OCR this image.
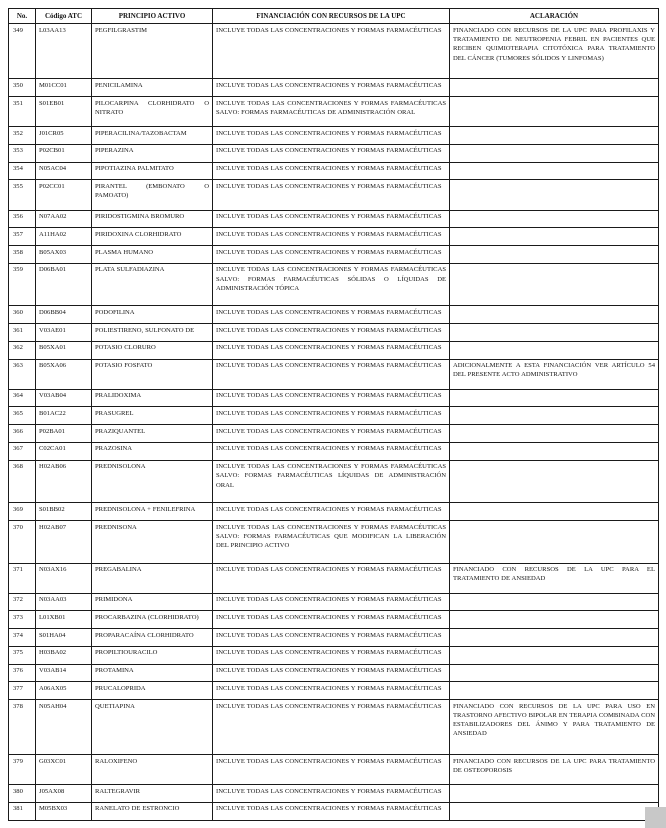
No.	Código ATC	PRINCIPIO ACTIVO	FINANCIACIÓN CON RECURSOS DE LA UPC	ACLARACIÓN
349	L03AA13	PEGFILGRASTIM	INCLUYE TODAS LAS CONCENTRACIONES Y FORMAS FARMACÉUTICAS	FINANCIADO CON RECURSOS DE LA UPC PARA PROFILAXIS Y TRATAMIENTO DE NEUTROPENIA FEBRIL EN PACIENTES QUE RECIBEN QUIMIOTERAPIA CITOTÓXICA PARA TRATAMIENTO DEL CÁNCER (TUMORES SÓLIDOS Y LINFOMAS)
350	M01CC01	PENICILAMINA	INCLUYE TODAS LAS CONCENTRACIONES Y FORMAS FARMACÉUTICAS	
351	S01EB01	PILOCARPINA CLORHIDRATO O NITRATO	INCLUYE TODAS LAS CONCENTRACIONES Y FORMAS FARMACÉUTICAS SALVO: FORMAS FARMACÉUTICAS DE ADMINISTRACIÓN ORAL	
352	J01CR05	PIPERACILINA/TAZOBACTAM	INCLUYE TODAS LAS CONCENTRACIONES Y FORMAS FARMACÉUTICAS	
353	P02CB01	PIPERAZINA	INCLUYE TODAS LAS CONCENTRACIONES Y FORMAS FARMACÉUTICAS	
354	N05AC04	PIPOTIAZINA PALMITATO	INCLUYE TODAS LAS CONCENTRACIONES Y FORMAS FARMACÉUTICAS	
355	P02CC01	PIRANTEL (EMBONATO O PAMOATO)	INCLUYE TODAS LAS CONCENTRACIONES Y FORMAS FARMACÉUTICAS	
356	N07AA02	PIRIDOSTIGMINA BROMURO	INCLUYE TODAS LAS CONCENTRACIONES Y FORMAS FARMACÉUTICAS	
357	A11HA02	PIRIDOXINA CLORHIDRATO	INCLUYE TODAS LAS CONCENTRACIONES Y FORMAS FARMACÉUTICAS	
358	B05AX03	PLASMA HUMANO	INCLUYE TODAS LAS CONCENTRACIONES Y FORMAS FARMACÉUTICAS	
359	D06BA01	PLATA SULFADIAZINA	INCLUYE TODAS LAS CONCENTRACIONES Y FORMAS FARMACÉUTICAS SALVO: FORMAS FARMACÉUTICAS SÓLIDAS O LÍQUIDAS DE ADMINISTRACIÓN TÓPICA	
360	D06BB04	PODOFILINA	INCLUYE TODAS LAS CONCENTRACIONES Y FORMAS FARMACÉUTICAS	
361	V03AE01	POLIESTIRENO, SULFONATO DE	INCLUYE TODAS LAS CONCENTRACIONES Y FORMAS FARMACÉUTICAS	
362	B05XA01	POTASIO CLORURO	INCLUYE TODAS LAS CONCENTRACIONES Y FORMAS FARMACÉUTICAS	
363	B05XA06	POTASIO FOSFATO	INCLUYE TODAS LAS CONCENTRACIONES Y FORMAS FARMACÉUTICAS	ADICIONALMENTE A ESTA FINANCIACIÓN VER ARTÍCULO 54 DEL PRESENTE ACTO ADMINISTRATIVO
364	V03AB04	PRALIDOXIMA	INCLUYE TODAS LAS CONCENTRACIONES Y FORMAS FARMACÉUTICAS	
365	B01AC22	PRASUGREL	INCLUYE TODAS LAS CONCENTRACIONES Y FORMAS FARMACÉUTICAS	
366	P02BA01	PRAZIQUANTEL	INCLUYE TODAS LAS CONCENTRACIONES Y FORMAS FARMACÉUTICAS	
367	C02CA01	PRAZOSINA	INCLUYE TODAS LAS CONCENTRACIONES Y FORMAS FARMACÉUTICAS	
368	H02AB06	PREDNISOLONA	INCLUYE TODAS LAS CONCENTRACIONES Y FORMAS FARMACÉUTICAS SALVO: FORMAS FARMACÉUTICAS LÍQUIDAS DE ADMINISTRACIÓN ORAL	
369	S01BB02	PREDNISOLONA + FENILEFRINA	INCLUYE TODAS LAS CONCENTRACIONES Y FORMAS FARMACÉUTICAS	
370	H02AB07	PREDNISONA	INCLUYE TODAS LAS CONCENTRACIONES Y FORMAS FARMACÉUTICAS SALVO: FORMAS FARMACÉUTICAS QUE MODIFICAN LA LIBERACIÓN DEL PRINCIPIO ACTIVO	
371	N03AX16	PREGABALINA	INCLUYE TODAS LAS CONCENTRACIONES Y FORMAS FARMACÉUTICAS	FINANCIADO CON RECURSOS DE LA UPC PARA EL TRATAMIENTO DE ANSIEDAD
372	N03AA03	PRIMIDONA	INCLUYE TODAS LAS CONCENTRACIONES Y FORMAS FARMACÉUTICAS	
373	L01XB01	PROCARBAZINA (CLORHIDRATO)	INCLUYE TODAS LAS CONCENTRACIONES Y FORMAS FARMACÉUTICAS	
374	S01HA04	PROPARACAÍNA CLORHIDRATO	INCLUYE TODAS LAS CONCENTRACIONES Y FORMAS FARMACÉUTICAS	
375	H03BA02	PROPILTIOURACILO	INCLUYE TODAS LAS CONCENTRACIONES Y FORMAS FARMACÉUTICAS	
376	V03AB14	PROTAMINA	INCLUYE TODAS LAS CONCENTRACIONES Y FORMAS FARMACÉUTICAS	
377	A06AX05	PRUCALOPRIDA	INCLUYE TODAS LAS CONCENTRACIONES Y FORMAS FARMACÉUTICAS	
378	N05AH04	QUETIAPINA	INCLUYE TODAS LAS CONCENTRACIONES Y FORMAS FARMACÉUTICAS	FINANCIADO CON RECURSOS DE LA UPC PARA USO EN TRASTORNO AFECTIVO BIPOLAR EN TERAPIA COMBINADA CON ESTABILIZADORES DEL ÁNIMO Y PARA TRATAMIENTO DE ANSIEDAD
379	G03XC01	RALOXIFENO	INCLUYE TODAS LAS CONCENTRACIONES Y FORMAS FARMACÉUTICAS	FINANCIADO CON RECURSOS DE LA UPC PARA TRATAMIENTO DE OSTEOPOROSIS
380	J05AX08	RALTEGRAVIR	INCLUYE TODAS LAS CONCENTRACIONES Y FORMAS FARMACÉUTICAS	
381	M05BX03	RANELATO DE ESTRONCIO	INCLUYE TODAS LAS CONCENTRACIONES Y FORMAS FARMACÉUTICAS	
